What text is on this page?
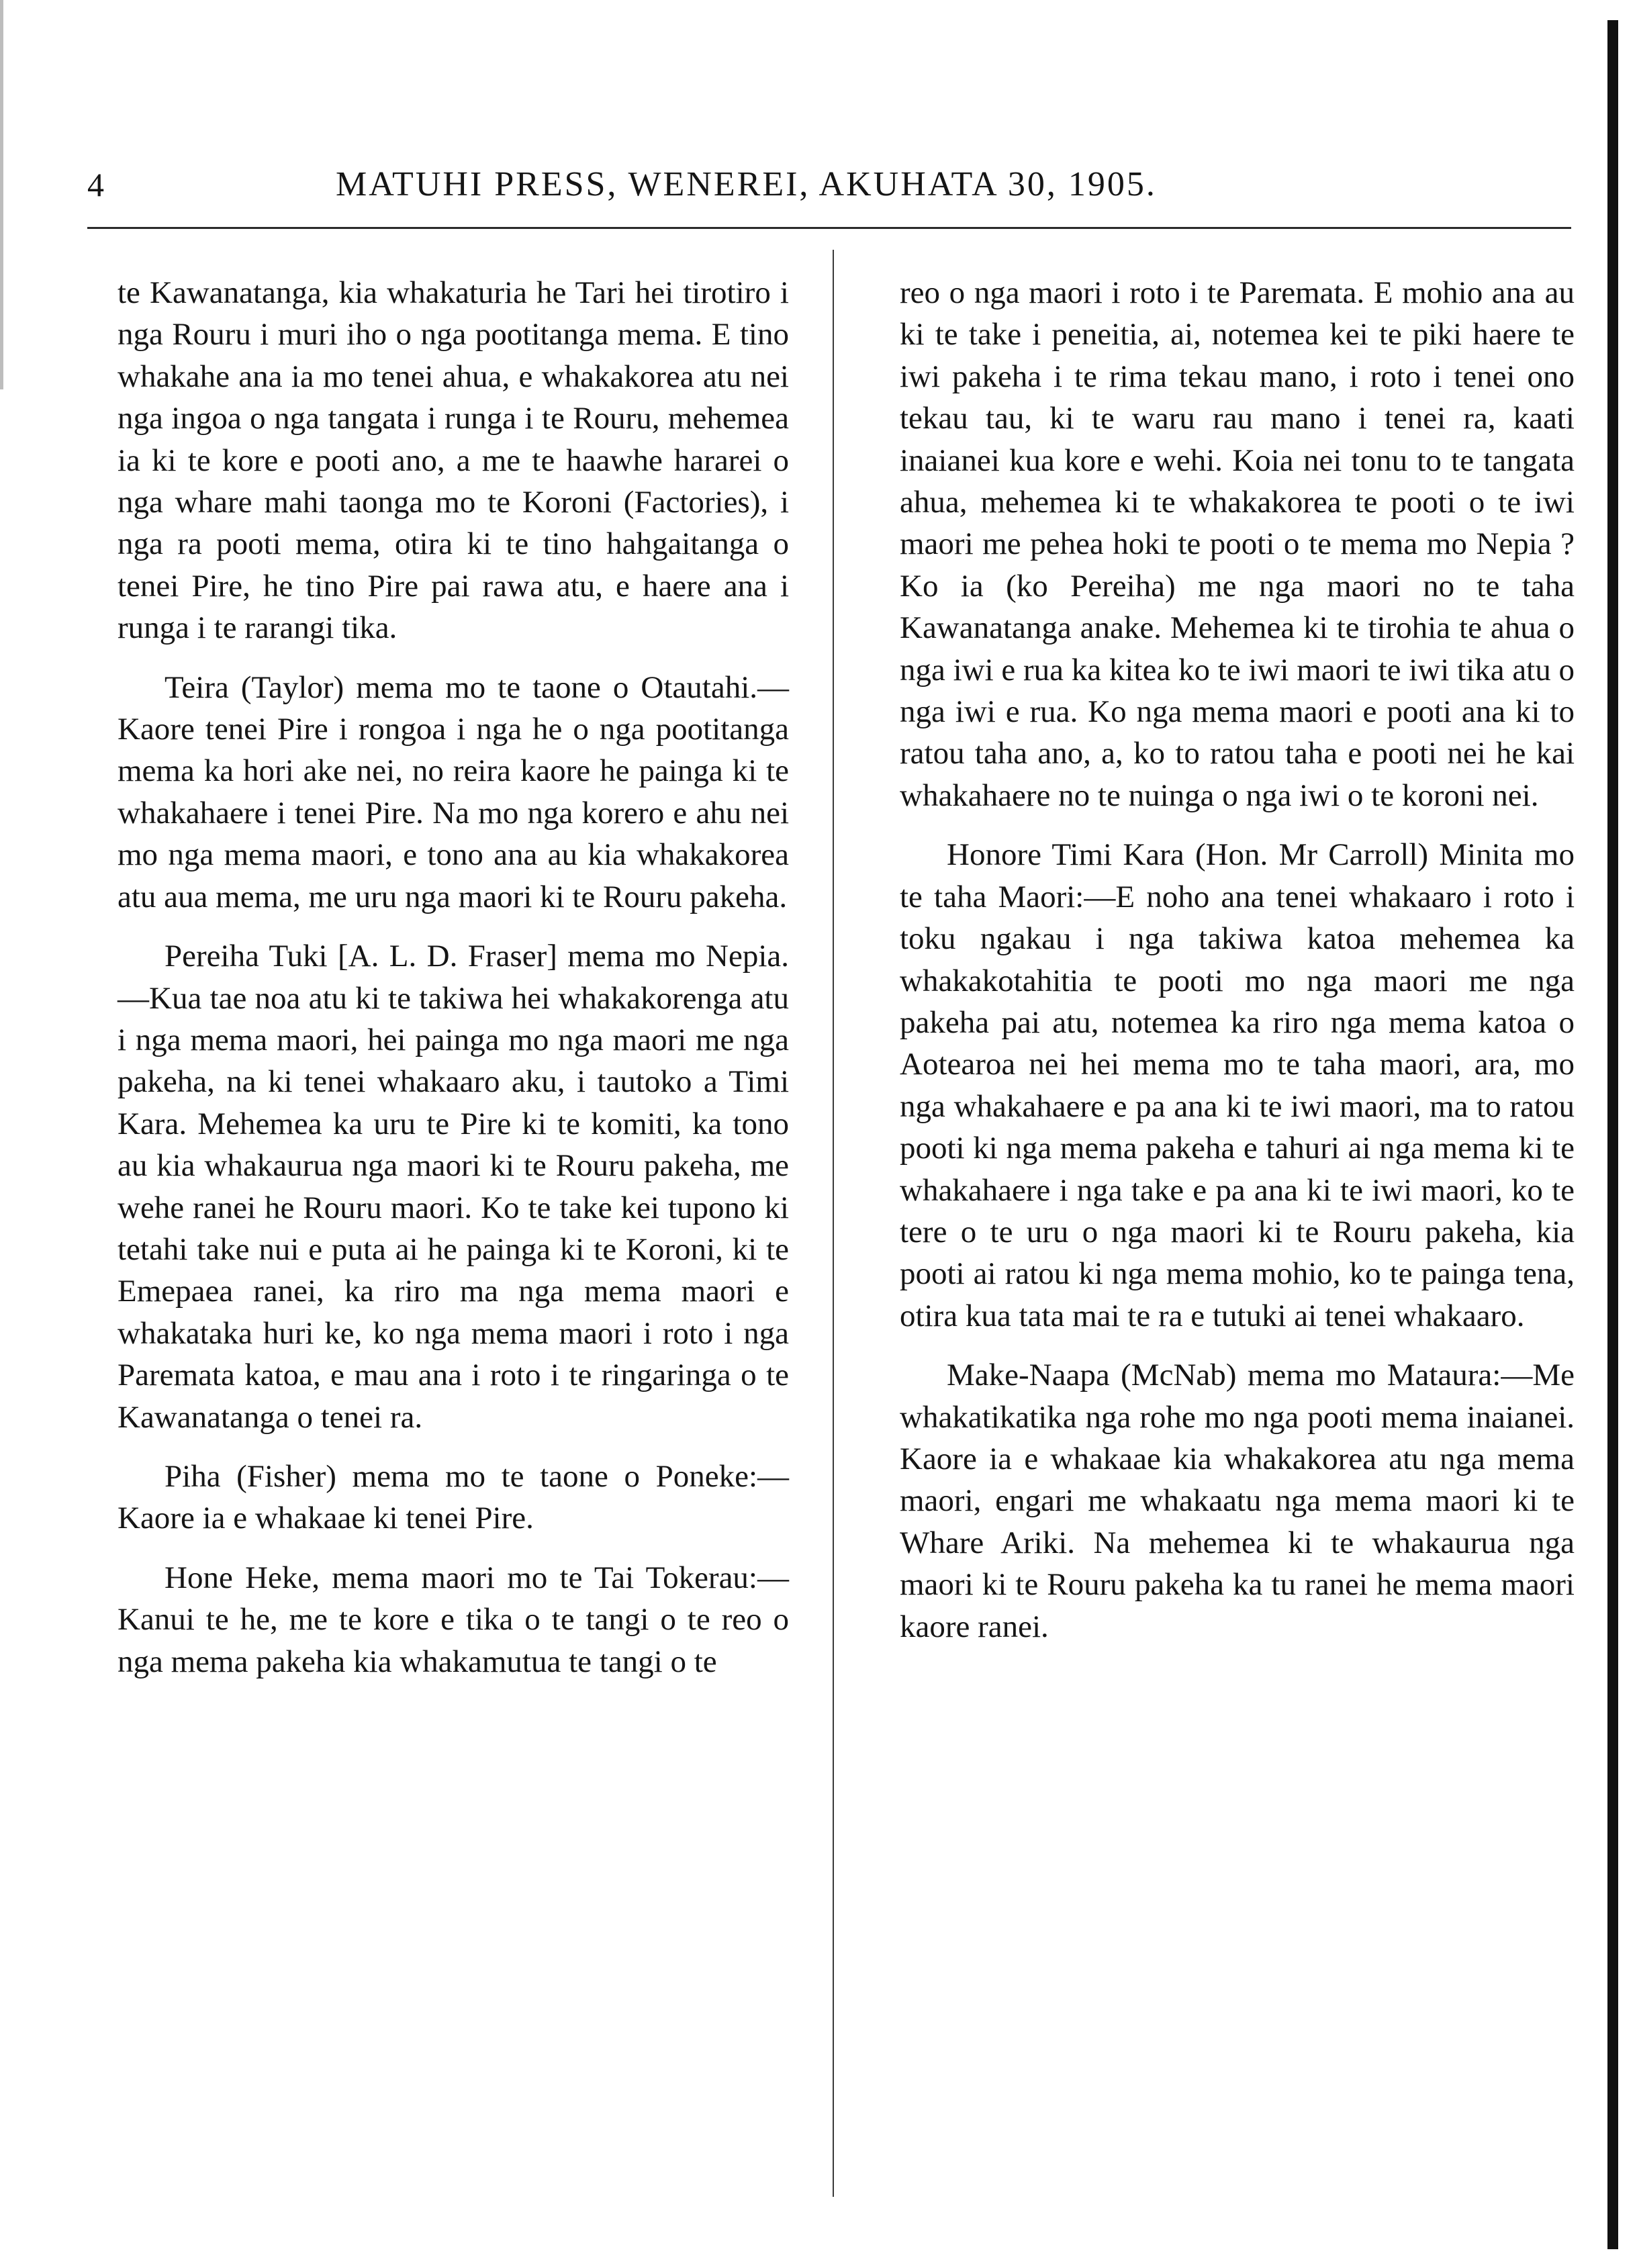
4	MATUHI PRESS, WENEREI, AKUHATA 30, 1905.

te Kawanatanga, kia whakaturia he Tari hei tirotiro i nga Rouru i muri iho o nga pootitanga mema. E tino whakahe ana ia mo tenei ahua, e whakakorea atu nei nga ingoa o nga tangata i runga i te Rouru, mehemea ia ki te kore e pooti ano, a me te haawhe hararei o nga whare mahi taonga mo te Koroni (Factories), i nga ra pooti mema, otira ki te tino hahgaitanga o tenei Pire, he tino Pire pai rawa atu, e haere ana i runga i te rarangi tika.

Teira (Taylor) mema mo te taone o Otautahi.—Kaore tenei Pire i rongoa i nga he o nga pootitanga mema ka hori ake nei, no reira kaore he painga ki te whakahaere i tenei Pire. Na mo nga korero e ahu nei mo nga mema maori, e tono ana au kia whakakorea atu aua mema, me uru nga maori ki te Rouru pakeha.

Pereiha Tuki [A. L. D. Fraser] mema mo Nepia.—Kua tae noa atu ki te takiwa hei whakakorenga atu i nga mema maori, hei painga mo nga maori me nga pakeha, na ki tenei whakaaro aku, i tautoko a Timi Kara. Mehemea ka uru te Pire ki te komiti, ka tono au kia whakaurua nga maori ki te Rouru pakeha, me wehe ranei he Rouru maori. Ko te take kei tupono ki tetahi take nui e puta ai he painga ki te Koroni, ki te Emepaea ranei, ka riro ma nga mema maori e whakataka huri ke, ko nga mema maori i roto i nga Paremata katoa, e mau ana i roto i te ringaringa o te Kawanatanga o tenei ra.

Piha (Fisher) mema mo te taone o Poneke:—Kaore ia e whakaae ki tenei Pire.

Hone Heke, mema maori mo te Tai Tokerau:—Kanui te he, me te kore e tika o te tangi o te reo o nga mema pakeha kia whakamutua te tangi o te

reo o nga maori i roto i te Paremata. E mohio ana au ki te take i peneitia, ai, notemea kei te piki haere te iwi pakeha i te rima tekau mano, i roto i tenei ono tekau tau, ki te waru rau mano i tenei ra, kaati inaianei kua kore e wehi. Koia nei tonu to te tangata ahua, mehemea ki te whakakorea te pooti o te iwi maori me pehea hoki te pooti o te mema mo Nepia ? Ko ia (ko Pereiha) me nga maori no te taha Kawanatanga anake. Mehemea ki te tirohia te ahua o nga iwi e rua ka kitea ko te iwi maori te iwi tika atu o nga iwi e rua. Ko nga mema maori e pooti ana ki to ratou taha ano, a, ko to ratou taha e pooti nei he kai whakahaere no te nuinga o nga iwi o te koroni nei.

Honore Timi Kara (Hon. Mr Carroll) Minita mo te taha Maori:—E noho ana tenei whakaaro i roto i toku ngakau i nga takiwa katoa mehemea ka whakakotahitia te pooti mo nga maori me nga pakeha pai atu, notemea ka riro nga mema katoa o Aotearoa nei hei mema mo te taha maori, ara, mo nga whakahaere e pa ana ki te iwi maori, ma to ratou pooti ki nga mema pakeha e tahuri ai nga mema ki te whakahaere i nga take e pa ana ki te iwi maori, ko te tere o te uru o nga maori ki te Rouru pakeha, kia pooti ai ratou ki nga mema mohio, ko te painga tena, otira kua tata mai te ra e tutuki ai tenei whakaaro.

Make-Naapa (McNab) mema mo Mataura:—Me whakatikatika nga rohe mo nga pooti mema inaianei. Kaore ia e whakaae kia whakakorea atu nga mema maori, engari me whakaatu nga mema maori ki te Whare Ariki. Na mehemea ki te whakaurua nga maori ki te Rouru pakeha ka tu ranei he mema maori kaore ranei.
